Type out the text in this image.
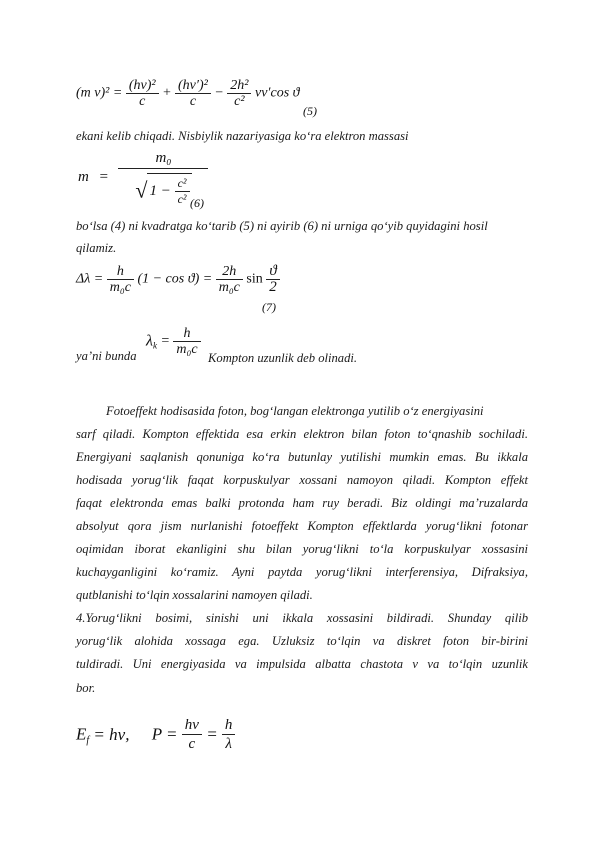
(m $v)^2 = \frac{\text{(hν)²}}{c} + \frac{\text{(hν′)²}}{c} - \frac{\text{2h²}}{\text{c²}} \nu\nu'\cos$ ϑ
(5)
ekani kelib chiqadi. Nisbiylik nazariyasiga ko‘ra elektron massasi
m =
m₀
√ $1 - \frac{\text{c²}}{\text{c²}} (6)$
bo‘lsa (4) ni kvadratga ko‘tarib (5) ni ayirib (6) ni urniga qo‘yib quyidagini hosil
qilamiz.
$\Delta\lambda = \frac{h}{\text{m₀c}} (1 - \cos ϑ) = \frac{2h}{\text{m₀c}}$ $\sin \frac{ϑ}{2}$
(7)
ya’ni bunda
$\lambda_k = \frac{h}{\text{m₀c}}$
Kompton uzunlik deb olinadi.
Fotoeffekt hodisasida foton, bog‘langan elektronga yutilib o‘z energiyasini
sarf qiladi. Kompton effektida esa erkin elektron bilan foton to‘qnashib sochiladi.
Energiyani saqlanish qonuniga ko‘ra butunlay yutilishi mumkin emas. Bu ikkala
hodisada yorug‘lik faqat korpuskulyar xossani namoyon qiladi. Kompton effekt
faqat elektronda emas balki protonda ham ruy beradi. Biz oldingi ma’ruzalarda
absolyut qora jism nurlanishi fotoeffekt Kompton effektlarda yorug‘likni fotonar
oqimidan iborat ekanligini shu bilan yorug‘likni to‘la korpuskulyar xossasini
kuchayganligini ko‘ramiz. Ayni paytda yorug‘likni interferensiya, Difraksiya,
qutblanishi to‘lqin xossalarini namoyen qiladi.
4.Yorug‘likni bosimi, sinishi uni ikkala xossasini bildiradi. Shunday qilib
yorug‘lik alohida xossaga ega. Uzluksiz to‘lqin va diskret foton bir-birini
tuldiradi. Uni energiyasida va impulsida albatta chastota ν va to‘lqin uzunlik
bor.
$E_f = h\nu$, $P = \frac{h\nu}{c} = \frac{h}{\lambda}$
